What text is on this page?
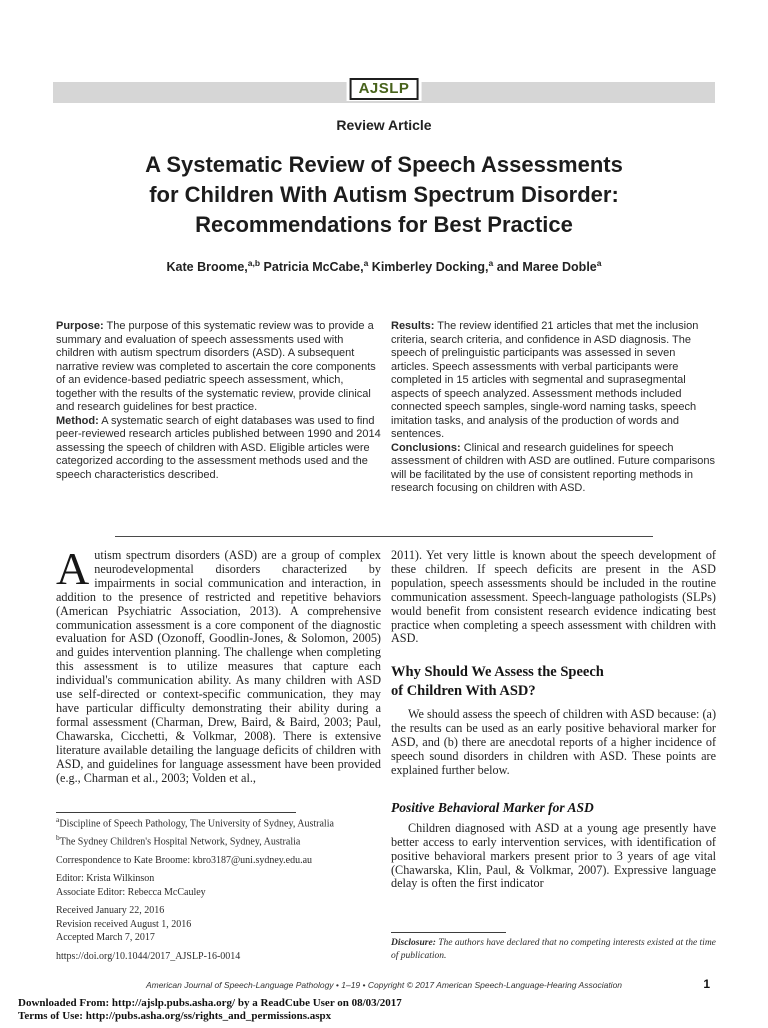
AJSLP
Review Article
A Systematic Review of Speech Assessments
for Children With Autism Spectrum Disorder:
Recommendations for Best Practice
Kate Broome,$^{a,b}$ Patricia McCabe,$^a$ Kimberley Docking,$^a$ and Maree Doble$^a$

Purpose: The purpose of this systematic review was to provide a summary and evaluation of speech assessments used with children with autism spectrum disorders (ASD). A subsequent narrative review was completed to ascertain the core components of an evidence-based pediatric speech assessment, which, together with the results of the systematic review, provide clinical and research guidelines for best practice.

Method: A systematic search of eight databases was used to find peer-reviewed research articles published between 1990 and 2014 assessing the speech of children with ASD. Eligible articles were categorized according to the assessment methods used and the speech characteristics described.

Results: The review identified 21 articles that met the inclusion criteria, search criteria, and confidence in ASD diagnosis. The speech of prelinguistic participants was assessed in seven articles. Speech assessments with verbal participants were completed in 15 articles with segmental and suprasegmental aspects of speech analyzed. Assessment methods included connected speech samples, single-word naming tasks, speech imitation tasks, and analysis of the production of words and sentences.

Conclusions: Clinical and research guidelines for speech assessment of children with ASD are outlined. Future comparisons will be facilitated by the use of consistent reporting methods in research focusing on children with ASD.

Autism spectrum disorders (ASD) are a group of complex neurodevelopmental disorders characterized by impairments in social communication and interaction, in addition to the presence of restricted and repetitive behaviors (American Psychiatric Association, 2013). A comprehensive communication assessment is a core component of the diagnostic evaluation for ASD (Ozonoff, Goodlin-Jones, & Solomon, 2005) and guides intervention planning. The challenge when completing this assessment is to utilize measures that capture each individual's communication ability. As many children with ASD use self-directed or context-specific communication, they may have particular difficulty demonstrating their ability during a formal assessment (Charman, Drew, Baird, & Baird, 2003; Paul, Chawarska, Cicchetti, & Volkmar, 2008). There is extensive literature available detailing the language deficits of children with ASD, and guidelines for language assessment have been provided (e.g., Charman et al., 2003; Volden et al.,

$^a$Discipline of Speech Pathology, The University of Sydney, Australia
$^b$The Sydney Children's Hospital Network, Sydney, Australia
Correspondence to Kate Broome: kbro3187@uni.sydney.edu.au
Editor: Krista Wilkinson
Associate Editor: Rebecca McCauley
Received January 22, 2016
Revision received August 1, 2016
Accepted March 7, 2017
https://doi.org/10.1044/2017_AJSLP-16-0014

2011). Yet very little is known about the speech development of these children. If speech deficits are present in the ASD population, speech assessments should be included in the routine communication assessment. Speech-language pathologists (SLPs) would benefit from consistent research evidence indicating best practice when completing a speech assessment with children with ASD.

Why Should We Assess the Speech
of Children With ASD?

We should assess the speech of children with ASD because: (a) the results can be used as an early positive behavioral marker for ASD, and (b) there are anecdotal reports of a higher incidence of speech sound disorders in children with ASD. These points are explained further below.

Positive Behavioral Marker for ASD

Children diagnosed with ASD at a young age presently have better access to early intervention services, with identification of positive behavioral markers present prior to 3 years of age vital (Chawarska, Klin, Paul, & Volkmar, 2007). Expressive language delay is often the first indicator

Disclosure: The authors have declared that no competing interests existed at the time of publication.
American Journal of Speech-Language Pathology • 1–19 • Copyright © 2017 American Speech-Language-Hearing Association	1
Downloaded From: http://ajslp.pubs.asha.org/ by a ReadCube User on 08/03/2017
Terms of Use: http://pubs.asha.org/ss/rights_and_permissions.aspx
